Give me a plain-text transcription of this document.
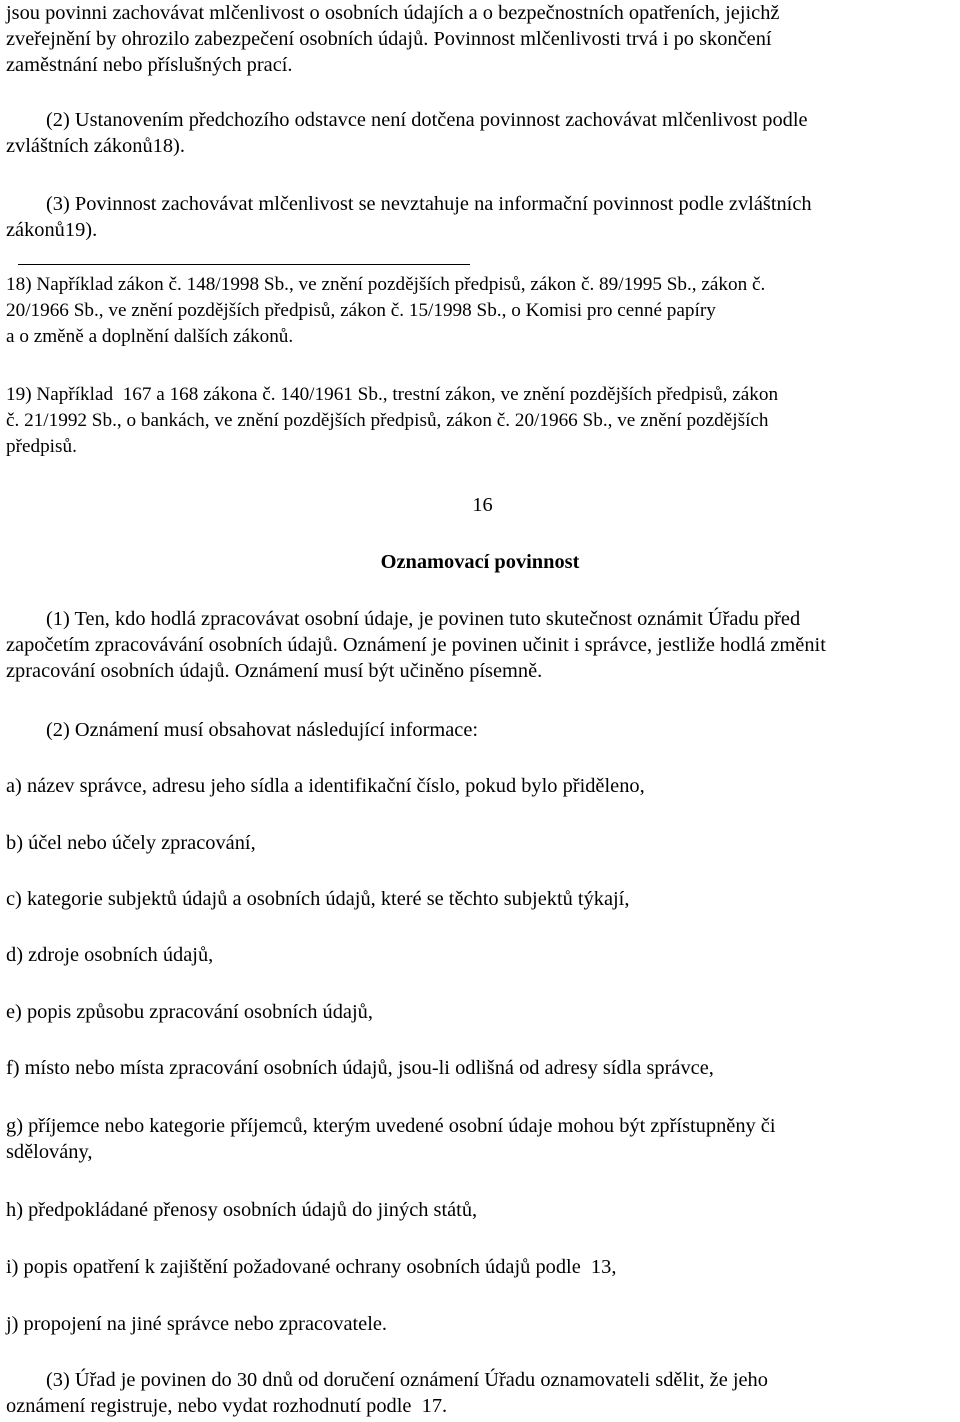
jsou povinni zachovávat mlčenlivost o osobních údajích a o bezpečnostních opatřeních, jejichž
zveřejnění by ohrozilo zabezpečení osobních údajů. Povinnost mlčenlivosti trvá i po skončení
zaměstnání nebo příslušných prací.
(2) Ustanovením předchozího odstavce není dotčena povinnost zachovávat mlčenlivost podle
zvláštních zákonů18).
(3) Povinnost zachovávat mlčenlivost se nevztahuje na informační povinnost podle zvláštních
zákonů19).
18) Například zákon č. 148/1998 Sb., ve znění pozdějších předpisů, zákon č. 89/1995 Sb., zákon č.
20/1966 Sb., ve znění pozdějších předpisů, zákon č. 15/1998 Sb., o Komisi pro cenné papíry
a o změně a doplnění dalších zákonů.
19) Například  167 a 168 zákona č. 140/1961 Sb., trestní zákon, ve znění pozdějších předpisů, zákon
č. 21/1992 Sb., o bankách, ve znění pozdějších předpisů, zákon č. 20/1966 Sb., ve znění pozdějších
předpisů.
16
Oznamovací povinnost
(1) Ten, kdo hodlá zpracovávat osobní údaje, je povinen tuto skutečnost oznámit Úřadu před
započetím zpracovávání osobních údajů. Oznámení je povinen učinit i správce, jestliže hodlá změnit
zpracování osobních údajů. Oznámení musí být učiněno písemně.
(2) Oznámení musí obsahovat následující informace:
a) název správce, adresu jeho sídla a identifikační číslo, pokud bylo přiděleno,
b) účel nebo účely zpracování,
c) kategorie subjektů údajů a osobních údajů, které se těchto subjektů týkají,
d) zdroje osobních údajů,
e) popis způsobu zpracování osobních údajů,
f) místo nebo místa zpracování osobních údajů, jsou-li odlišná od adresy sídla správce,
g) příjemce nebo kategorie příjemců, kterým uvedené osobní údaje mohou být zpřístupněny či
sdělovány,
h) předpokládané přenosy osobních údajů do jiných států,
i) popis opatření k zajištění požadované ochrany osobních údajů podle  13,
j) propojení na jiné správce nebo zpracovatele.
(3) Úřad je povinen do 30 dnů od doručení oznámení Úřadu oznamovateli sdělit, že jeho
oznámení registruje, nebo vydat rozhodnutí podle  17.
